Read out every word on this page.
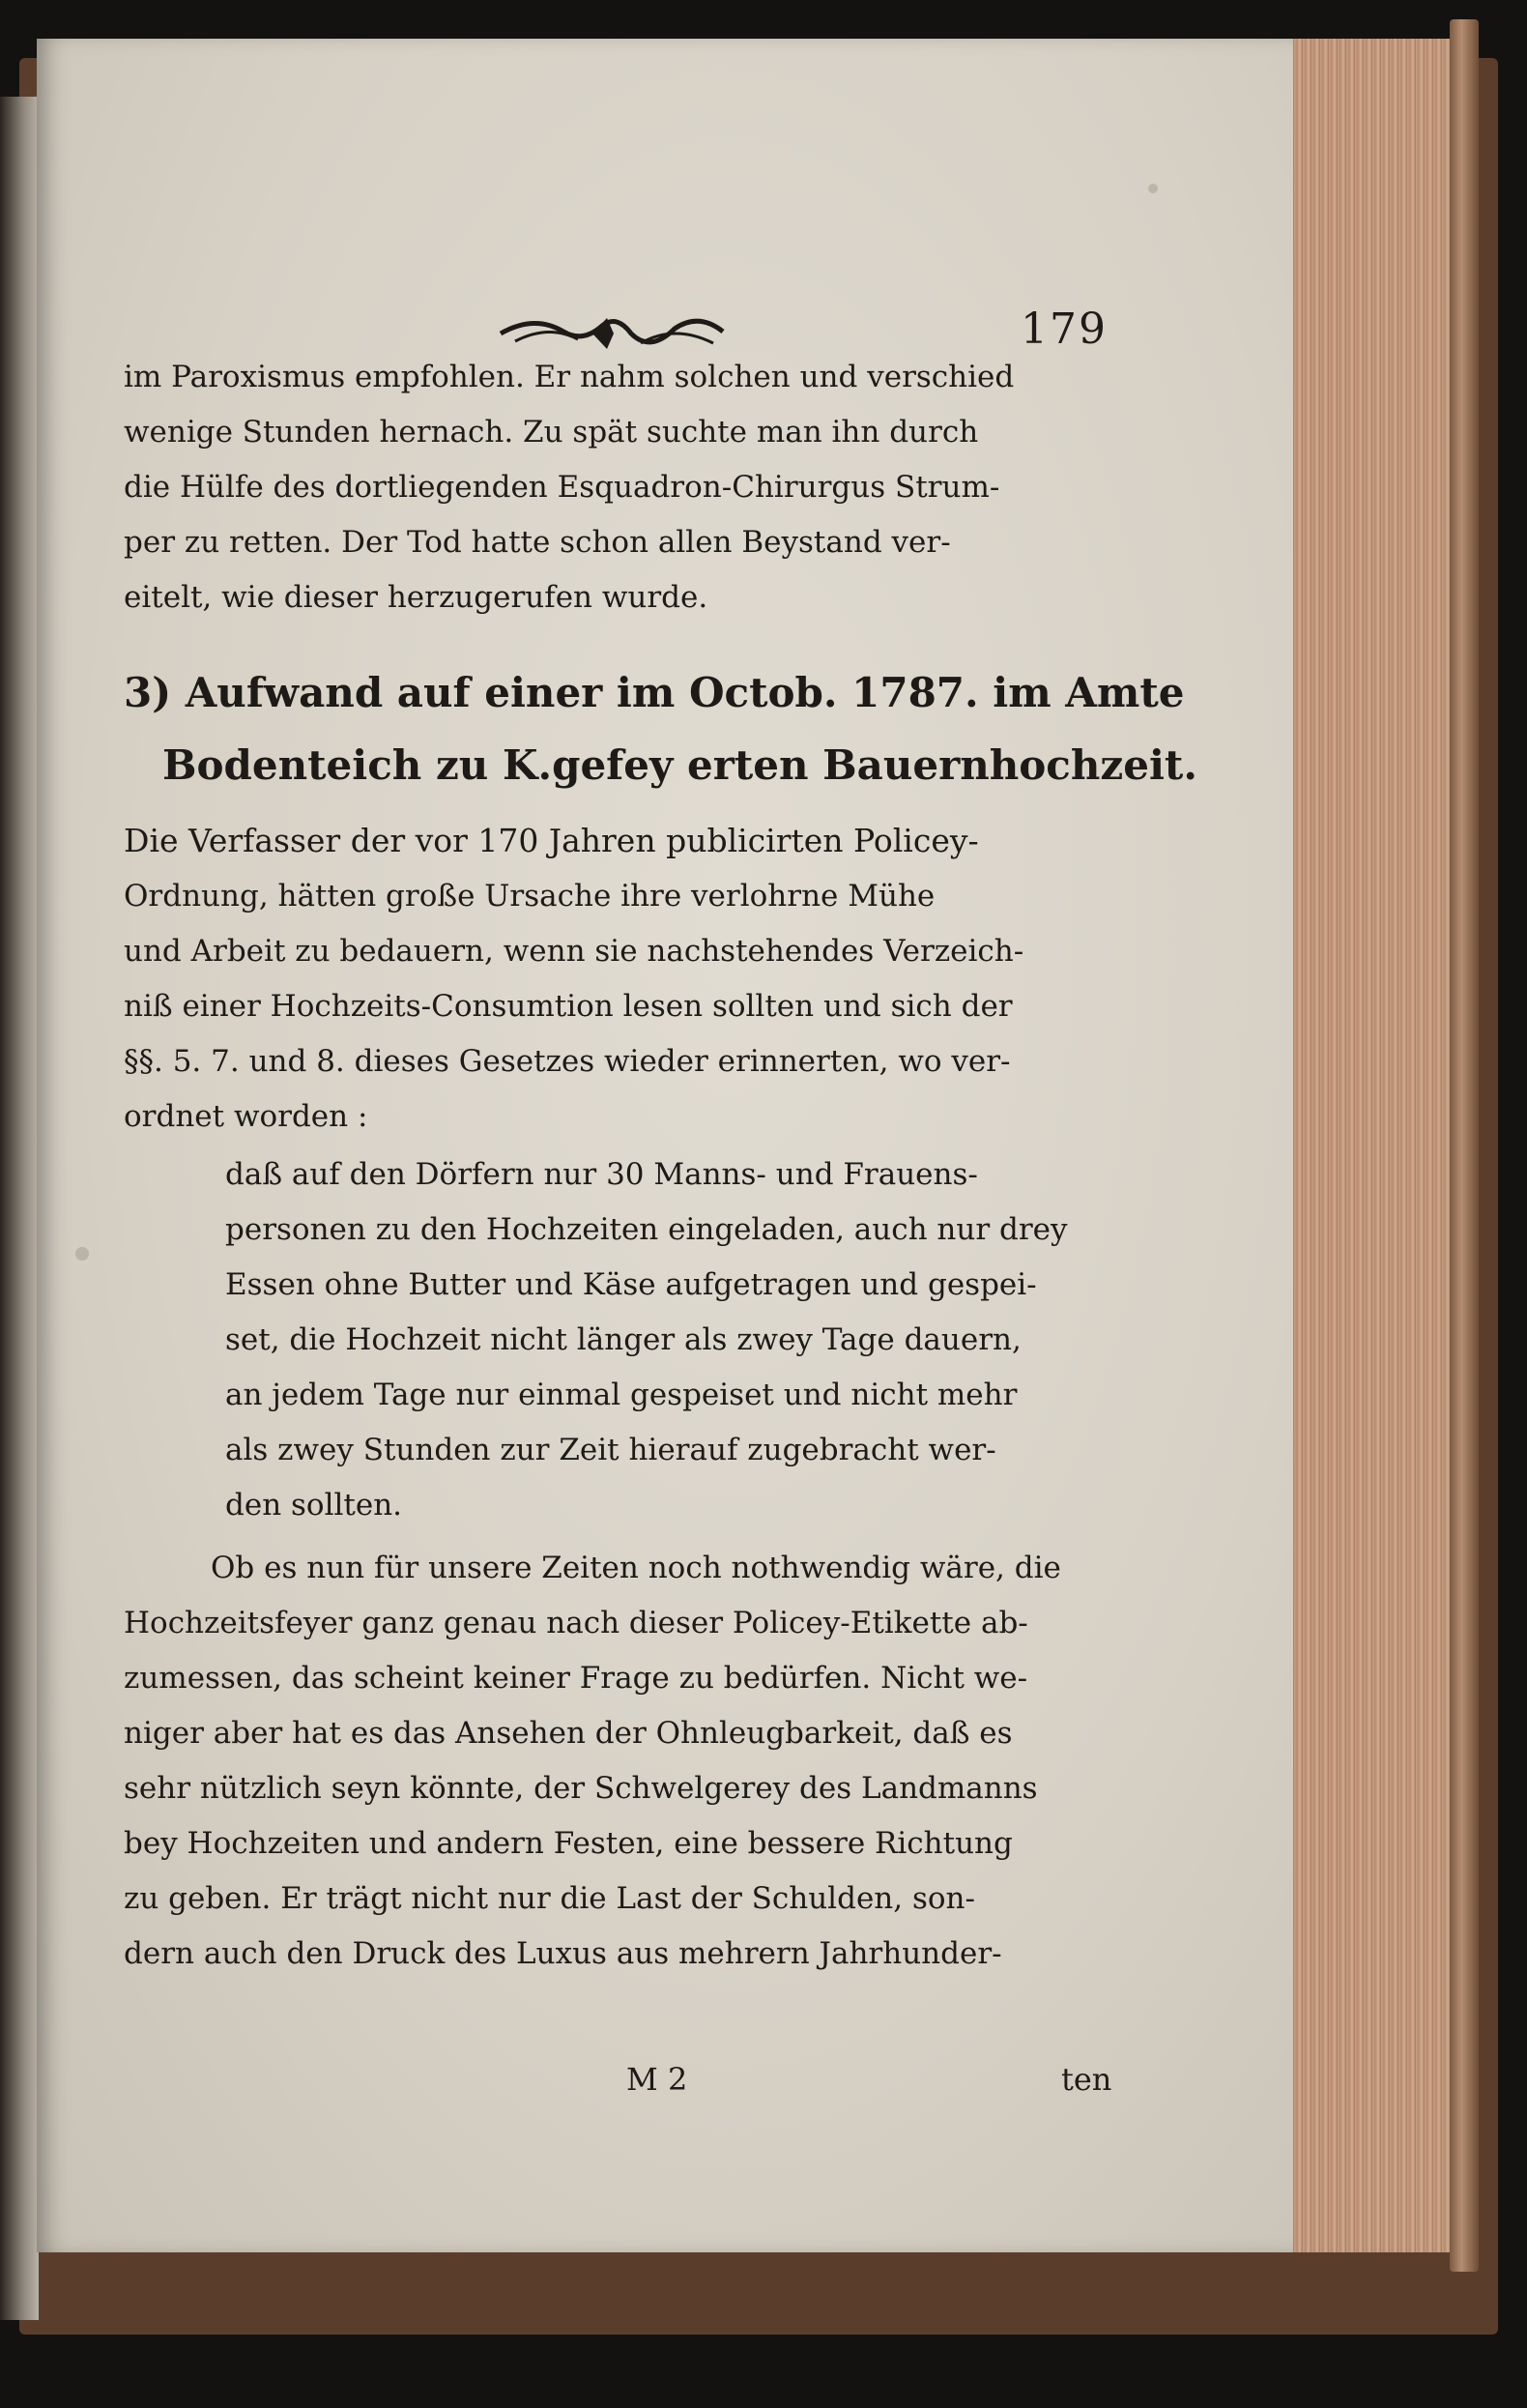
179
im Paroxismus empfohlen. Er nahm solchen und verschied
wenige Stunden hernach. Zu spät suchte man ihn durch
die Hülfe des dortliegenden Esquadron-Chirurgus Strum-
per zu retten. Der Tod hatte schon allen Beystand ver-
eitelt, wie dieser herzugerufen wurde.
3) Aufwand auf einer im Octob. 1787. im Amte
Bodenteich zu K.gefey erten Bauernhochzeit.
Die Verfasser der vor 170 Jahren publicirten Policey-
Ordnung, hätten große Ursache ihre verlohrne Mühe
und Arbeit zu bedauern, wenn sie nachstehendes Verzeich-
niß einer Hochzeits-Consumtion lesen sollten und sich der
§§. 5. 7. und 8. dieses Gesetzes wieder erinnerten, wo ver-
ordnet worden :
daß auf den Dörfern nur 30 Manns- und Frauens-
personen zu den Hochzeiten eingeladen, auch nur drey
Essen ohne Butter und Käse aufgetragen und gespei-
set, die Hochzeit nicht länger als zwey Tage dauern,
an jedem Tage nur einmal gespeiset und nicht mehr
als zwey Stunden zur Zeit hierauf zugebracht wer-
den sollten.
Ob es nun für unsere Zeiten noch nothwendig wäre, die
Hochzeitsfeyer ganz genau nach dieser Policey-Etikette ab-
zumessen, das scheint keiner Frage zu bedürfen. Nicht we-
niger aber hat es das Ansehen der Ohnleugbarkeit, daß es
sehr nützlich seyn könnte, der Schwelgerey des Landmanns
bey Hochzeiten und andern Festen, eine bessere Richtung
zu geben. Er trägt nicht nur die Last der Schulden, son-
dern auch den Druck des Luxus aus mehrern Jahrhunder-
M 2	ten
